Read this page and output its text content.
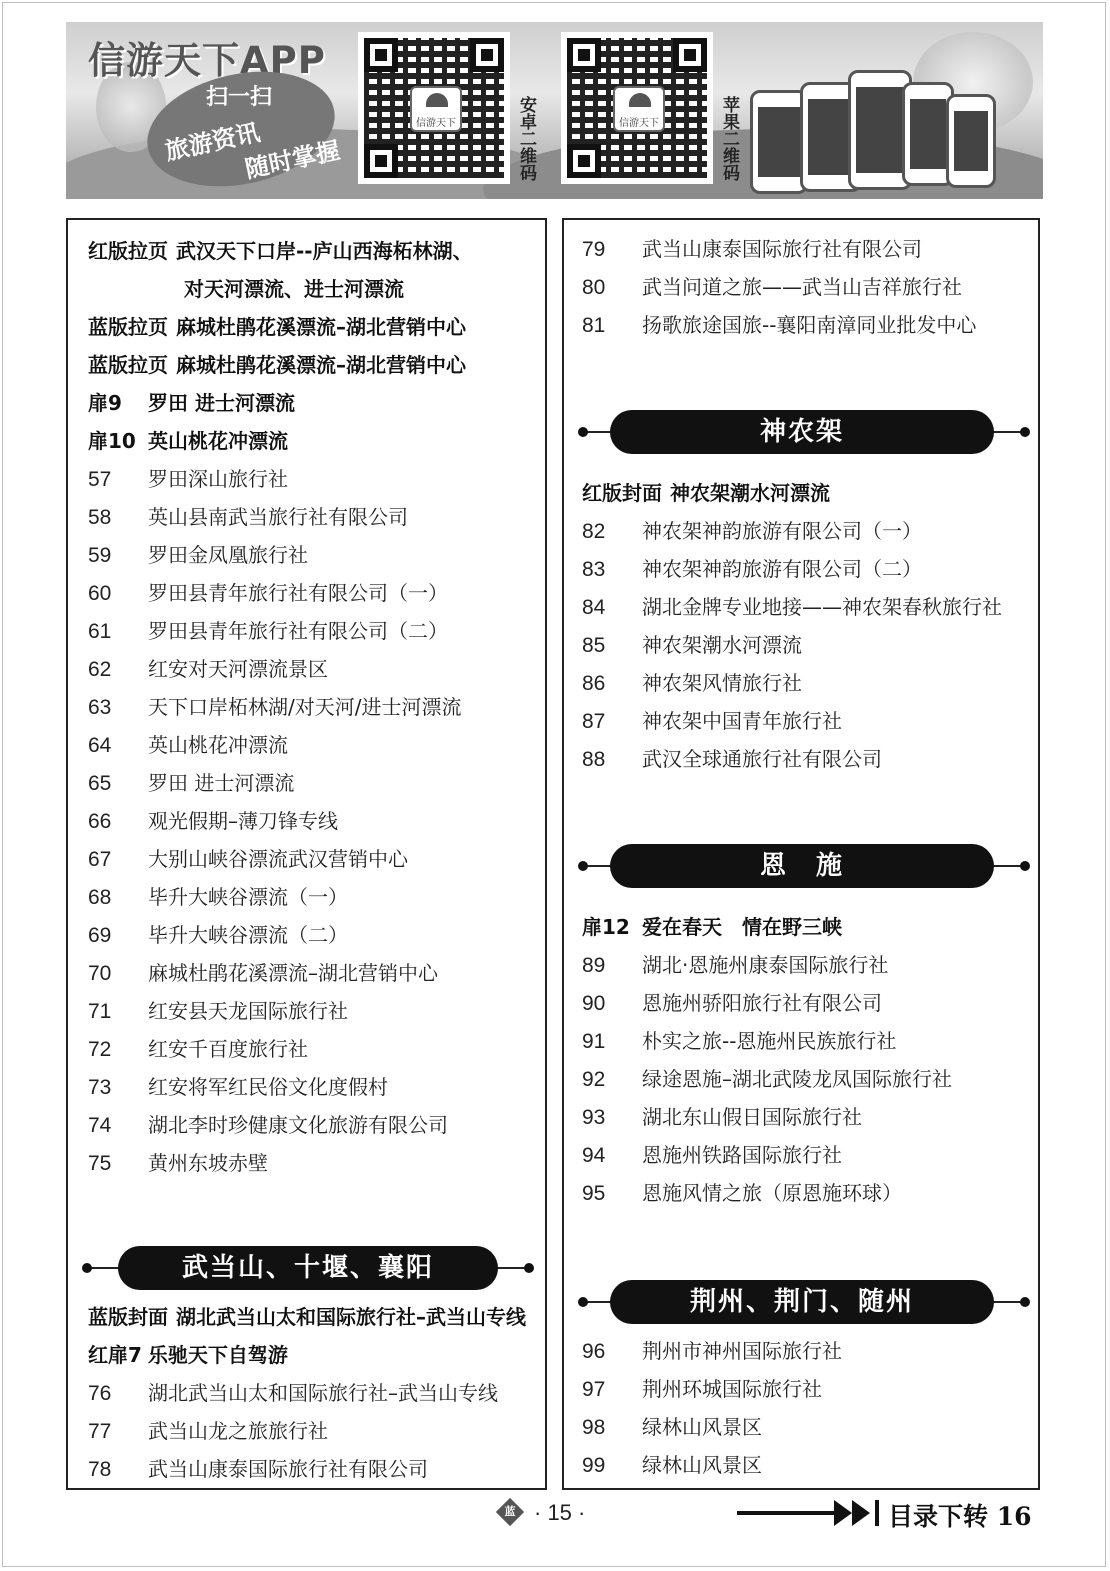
信游天下APP
扫一扫
旅游资讯
随时掌握
信游天下	安卓二维码	信游天下	苹果二维码
红版拉页 武汉天下口岸--庐山西海柘林湖、
对天河漂流、进士河漂流
蓝版拉页 麻城杜鹃花溪漂流–湖北营销中心
蓝版拉页 麻城杜鹃花溪漂流–湖北营销中心
扉9 罗田 进士河漂流
扉10 英山桃花冲漂流
57 罗田深山旅行社
58 英山县南武当旅行社有限公司
59 罗田金凤凰旅行社
60 罗田县青年旅行社有限公司（一）
61 罗田县青年旅行社有限公司（二）
62 红安对天河漂流景区
63 天下口岸柘林湖/对天河/进士河漂流
64 英山桃花冲漂流
65 罗田 进士河漂流
66 观光假期–薄刀锋专线
67 大别山峡谷漂流武汉营销中心
68 毕升大峡谷漂流（一）
69 毕升大峡谷漂流（二）
70 麻城杜鹃花溪漂流–湖北营销中心
71 红安县天龙国际旅行社
72 红安千百度旅行社
73 红安将军红民俗文化度假村
74 湖北李时珍健康文化旅游有限公司
75 黄州东坡赤壁
武当山、十堰、襄阳
蓝版封面 湖北武当山太和国际旅行社–武当山专线
红扉7 乐驰天下自驾游
76 湖北武当山太和国际旅行社–武当山专线
77 武当山龙之旅旅行社
78 武当山康泰国际旅行社有限公司
79 武当山康泰国际旅行社有限公司
80 武当问道之旅——武当山吉祥旅行社
81 扬歌旅途国旅--襄阳南漳同业批发中心
神农架
红版封面 神农架潮水河漂流
82 神农架神韵旅游有限公司（一）
83 神农架神韵旅游有限公司（二）
84 湖北金牌专业地接——神农架春秋旅行社
85 神农架潮水河漂流
86 神农架风情旅行社
87 神农架中国青年旅行社
88 武汉全球通旅行社有限公司
恩　施
扉12 爱在春天　情在野三峡
89 湖北·恩施州康泰国际旅行社
90 恩施州骄阳旅行社有限公司
91 朴实之旅--恩施州民族旅行社
92 绿途恩施–湖北武陵龙凤国际旅行社
93 湖北东山假日国际旅行社
94 恩施州铁路国际旅行社
95 恩施风情之旅（原恩施环球）
荆州、荆门、随州
96 荆州市神州国际旅行社
97 荆州环城国际旅行社
98 绿林山风景区
99 绿林山风景区
蓝 · 15 ·	目录下转 16
